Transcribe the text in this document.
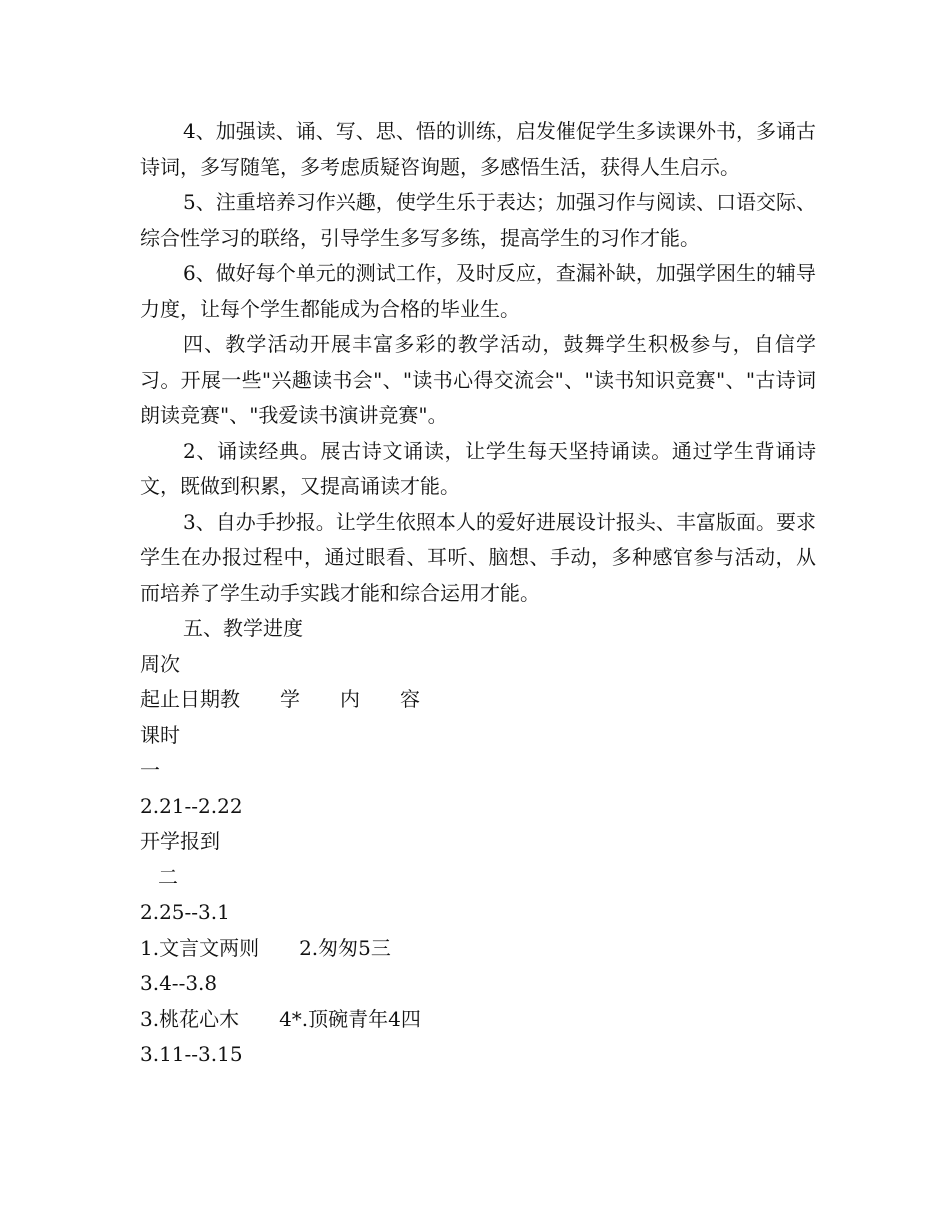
4、加强读、诵、写、思、悟的训练，启发催促学生多读课外书，多诵古诗词，多写随笔，多考虑质疑咨询题，多感悟生活，获得人生启示。

5、注重培养习作兴趣，使学生乐于表达；加强习作与阅读、口语交际、综合性学习的联络，引导学生多写多练，提高学生的习作才能。

6、做好每个单元的测试工作，及时反应，查漏补缺，加强学困生的辅导力度，让每个学生都能成为合格的毕业生。

四、教学活动开展丰富多彩的教学活动，鼓舞学生积极参与，自信学习。开展一些"兴趣读书会"、"读书心得交流会"、"读书知识竞赛"、"古诗词朗读竞赛"、"我爱读书演讲竞赛"。

2、诵读经典。展古诗文诵读，让学生每天坚持诵读。通过学生背诵诗文，既做到积累，又提高诵读才能。

3、自办手抄报。让学生依照本人的爱好进展设计报头、丰富版面。要求学生在办报过程中，通过眼看、耳听、脑想、手动，多种感官参与活动，从而培养了学生动手实践才能和综合运用才能。

五、教学进度

周次

起止日期教　　学　　内　　容

课时

一

2.21--2.22

开学报到

二

2.25--3.1

1.文言文两则　　2.匆匆5三

3.4--3.8

3.桃花心木　　4*.顶碗青年4四

3.11--3.15
